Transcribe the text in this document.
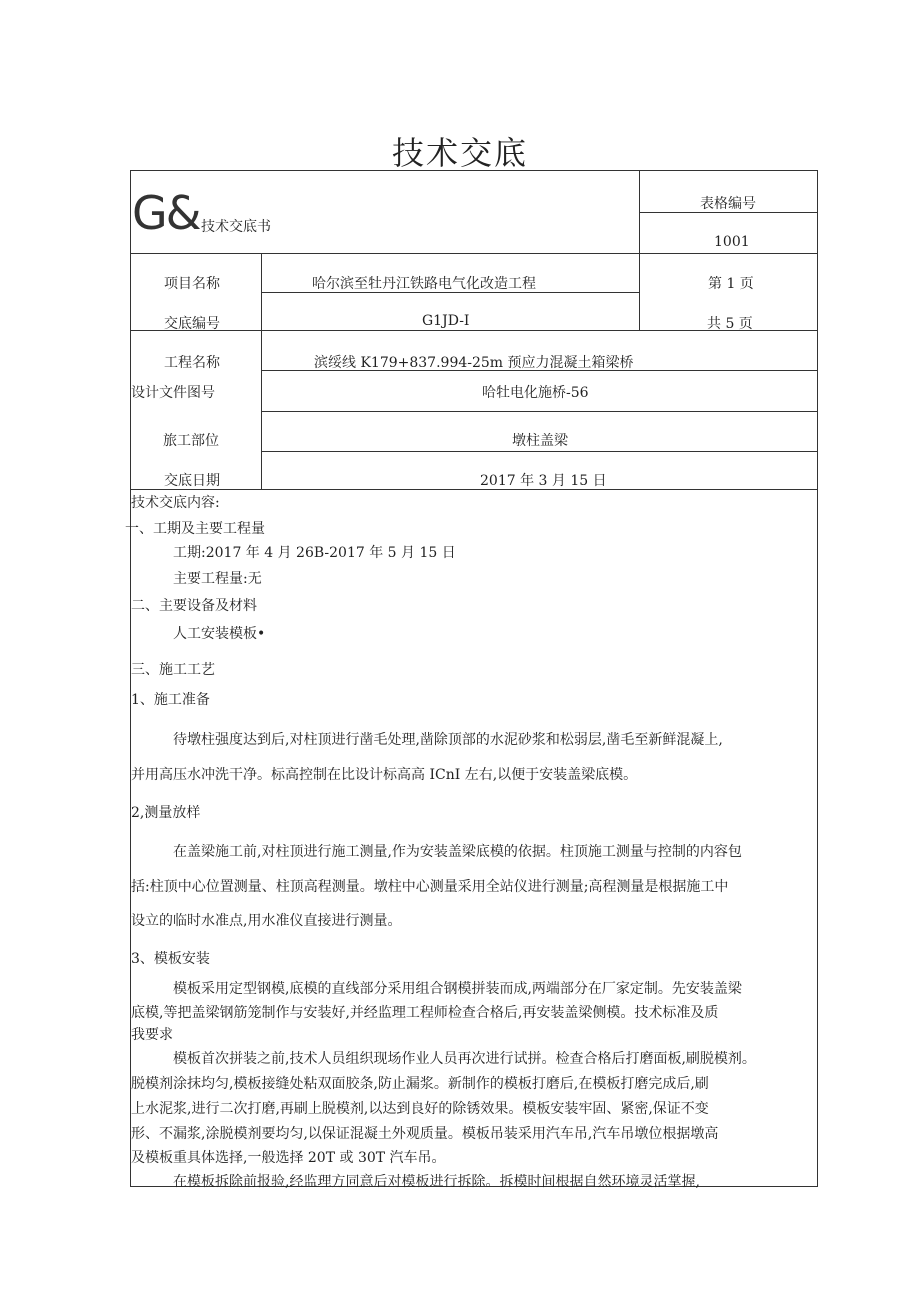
技术交底
G& 技术交底书
表格编号
1001
项目名称	哈尔滨至牡丹江铁路电气化改造工程	第 1 页
交底编号	G1JD-I	共 5 页
工程名称	滨绥线 K179+837.994-25m 预应力混凝土箱梁桥
设计文件图号	哈牡电化施桥-56
旅工部位	墩柱盖梁
交底日期	2017 年 3 月 15 日
技术交底内容:
一、工期及主要工程量
工期:2017 年 4 月 26B-2017 年 5 月 15 日
主要工程量:无
二、主要设备及材料
人工安装模板•
三、施工工艺
1、施工准备
待墩柱强度达到后,对柱顶进行凿毛处理,凿除顶部的水泥砂浆和松弱层,凿毛至新鲜混凝上,
并用高压水冲洗干净。标高控制在比设计标高高 ICnI 左右,以便于安装盖梁底模。
2,测量放样
在盖梁施工前,对柱顶进行施工测量,作为安装盖梁底模的依据。柱顶施工测量与控制的内容包
括:柱顶中心位置测量、柱顶高程测量。墩柱中心测量采用全站仪进行测量;高程测量是根据施工中
设立的临时水准点,用水准仪直接进行测量。
3、模板安装
模板采用定型钢模,底模的直线部分采用组合钢模拼装而成,两端部分在厂家定制。先安装盖梁
底模,等把盖梁钢筋笼制作与安装好,并经监理工程师检查合格后,再安装盖梁侧模。技术标准及质
我要求
模板首次拼装之前,技术人员组织现场作业人员再次进行试拼。检查合格后打磨面板,刷脱模剂。
脱模剂涂抹均匀,模板接缝处粘双面胶条,防止漏浆。新制作的模板打磨后,在模板打磨完成后,刷
上水泥浆,进行二次打磨,再刷上脱模剂,以达到良好的除锈效果。模板安装牢固、紧密,保证不变
形、不漏浆,涂脱模剂要均匀,以保证混凝土外观质量。模板吊装采用汽车吊,汽车吊墩位根据墩高
及模板重具体选择,一般选择 20T 或 30T 汽车吊。
在模板拆除前报验,经监理方同意后对模板进行拆除。拆模时间根据自然环境灵活掌握,
